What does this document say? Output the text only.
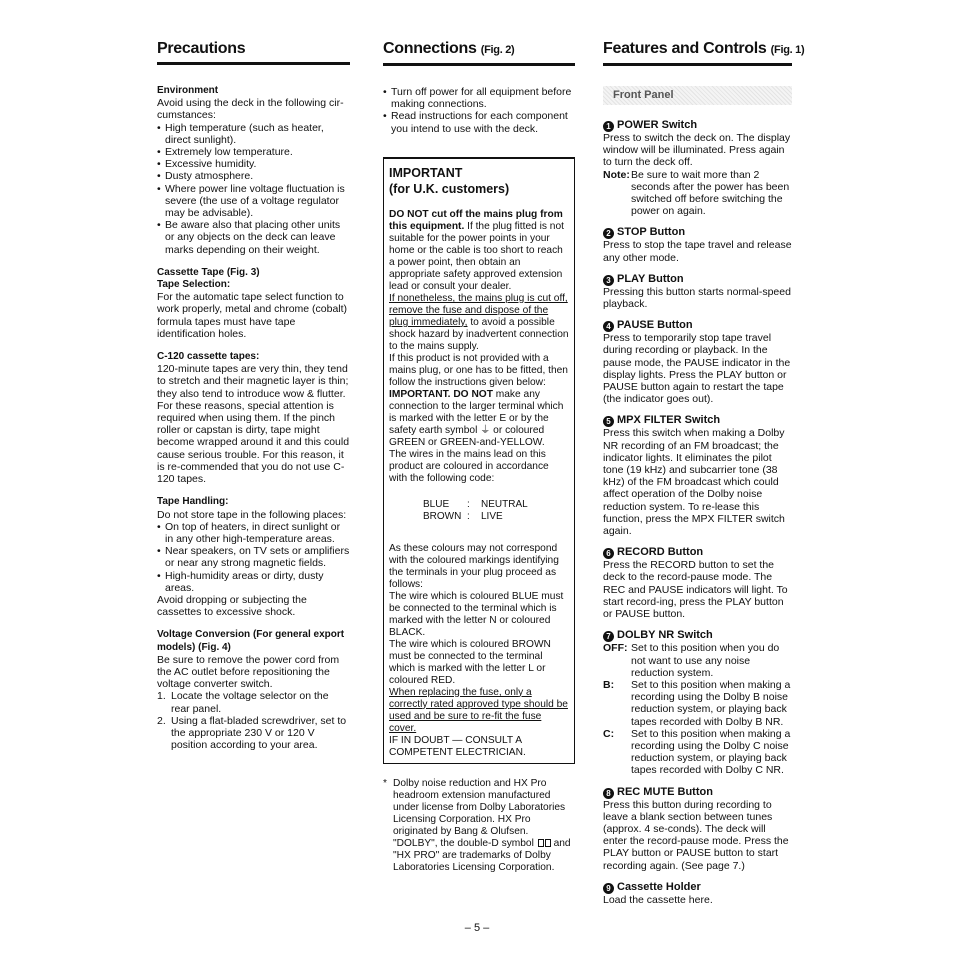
Precautions

Environment

Avoid using the deck in the following cir-cumstances:

• High temperature (such as heater, direct sunlight).
• Extremely low temperature.
• Excessive humidity.
• Dusty atmosphere.
• Where power line voltage fluctuation is severe (the use of a voltage regulator may be advisable).
• Be aware also that placing other units or any objects on the deck can leave marks depending on their weight.

Cassette Tape (Fig. 3)

Tape Selection:

For the automatic tape select function to work properly, metal and chrome (cobalt) formula tapes must have tape identification holes.

C-120 cassette tapes:

120-minute tapes are very thin, they tend to stretch and their magnetic layer is thin; they also tend to introduce wow & flutter. For these reasons, special attention is required when using them. If the pinch roller or capstan is dirty, tape might become wrapped around it and this could cause serious trouble. For this reason, it is re-commended that you do not use C-120 tapes.

Tape Handling:

Do not store tape in the following places:

• On top of heaters, in direct sunlight or in any other high-temperature areas.
• Near speakers, on TV sets or amplifiers or near any strong magnetic fields.
• High-humidity areas or dirty, dusty areas.

Avoid dropping or subjecting the cassettes to excessive shock.

Voltage Conversion (For general export models) (Fig. 4)

Be sure to remove the power cord from the AC outlet before repositioning the voltage converter switch.

1. Locate the voltage selector on the rear panel.
2. Using a flat-bladed screwdriver, set to the appropriate 230 V or 120 V position according to your area.
Connections (Fig. 2)
• Turn off power for all equipment before making connections.
• Read instructions for each component you intend to use with the deck.
IMPORTANT
(for U.K. customers)

DO NOT cut off the mains plug from this equipment. If the plug fitted is not suitable for the power points in your home or the cable is too short to reach a power point, then obtain an appropriate safety approved extension lead or consult your dealer.

If nonetheless, the mains plug is cut off, remove the fuse and dispose of the plug immediately, to avoid a possible shock hazard by inadvertent connection to the mains supply.

If this product is not provided with a mains plug, or one has to be fitted, then follow the instructions given below:

IMPORTANT. DO NOT make any connection to the larger terminal which is marked with the letter E or by the safety earth symbol ⏚ or coloured GREEN or GREEN-and-YELLOW.

The wires in the mains lead on this product are coloured in accordance with the following code:

BLUE : NEUTRAL
BROWN : LIVE

As these colours may not correspond with the coloured markings identifying the terminals in your plug proceed as follows:

The wire which is coloured BLUE must be connected to the terminal which is marked with the letter N or coloured BLACK.

The wire which is coloured BROWN must be connected to the terminal which is marked with the letter L or coloured RED.

When replacing the fuse, only a correctly rated approved type should be used and be sure to re-fit the fuse cover.

IF IN DOUBT — CONSULT A COMPETENT ELECTRICIAN.

* Dolby noise reduction and HX Pro headroom extension manufactured under license from Dolby Laboratories Licensing Corporation. HX Pro originated by Bang & Olufsen.

"DOLBY", the double-D symbol and "HX PRO" are trademarks of Dolby Laboratories Licensing Corporation.

Features and Controls (Fig. 1)
Front Panel

1 POWER Switch

Press to switch the deck on. The display window will be illuminated. Press again to turn the deck off.

Note: Be sure to wait more than 2 seconds after the power has been switched off before switching the power on again.

2 STOP Button

Press to stop the tape travel and release any other mode.

3 PLAY Button

Pressing this button starts normal-speed playback.

4 PAUSE Button

Press to temporarily stop tape travel during recording or playback. In the pause mode, the PAUSE indicator in the display lights. Press the PLAY button or PAUSE button again to restart the tape (the indicator goes out).

5 MPX FILTER Switch

Press this switch when making a Dolby NR recording of an FM broadcast; the indicator lights. It eliminates the pilot tone (19 kHz) and subcarrier tone (38 kHz) of the FM broadcast which could affect operation of the Dolby noise reduction system. To re-lease this function, press the MPX FILTER switch again.

6 RECORD Button

Press the RECORD button to set the deck to the record-pause mode. The REC and PAUSE indicators will light. To start record-ing, press the PLAY button or PAUSE button.

7 DOLBY NR Switch

OFF: Set to this position when you do not want to use any noise reduction system.
B:	Set to this position when making a recording using the Dolby B noise reduction system, or playing back tapes recorded with Dolby B NR.
C:	Set to this position when making a recording using the Dolby C noise reduction system, or playing back tapes recorded with Dolby C NR.

8 REC MUTE Button

Press this button during recording to leave a blank section between tunes (approx. 4 se-conds). The deck will enter the record-pause mode. Press the PLAY button or PAUSE button to start recording again. (See page 7.)

9 Cassette Holder

Load the cassette here.

– 5 –
